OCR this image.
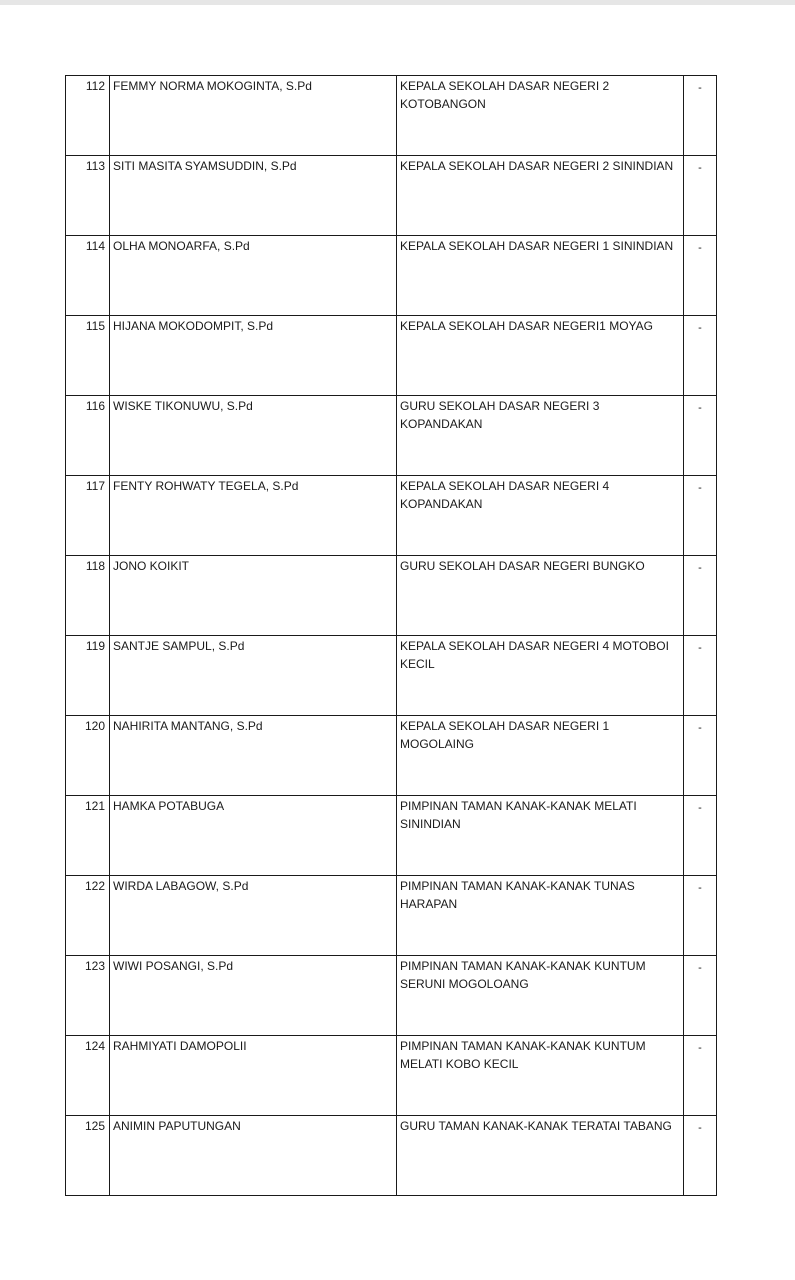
112	FEMMY NORMA MOKOGINTA, S.Pd	KEPALA SEKOLAH DASAR NEGERI 2 KOTOBANGON	-
113	SITI MASITA SYAMSUDDIN, S.Pd	KEPALA SEKOLAH DASAR NEGERI 2 SININDIAN	-
114	OLHA MONOARFA, S.Pd	KEPALA SEKOLAH DASAR NEGERI 1 SININDIAN	-
115	HIJANA MOKODOMPIT, S.Pd	KEPALA SEKOLAH DASAR NEGERI1 MOYAG	-
116	WISKE TIKONUWU, S.Pd	GURU SEKOLAH DASAR NEGERI 3 KOPANDAKAN	-
117	FENTY ROHWATY TEGELA, S.Pd	KEPALA SEKOLAH DASAR NEGERI 4 KOPANDAKAN	-
118	JONO KOIKIT	GURU SEKOLAH DASAR NEGERI BUNGKO	-
119	SANTJE SAMPUL, S.Pd	KEPALA SEKOLAH DASAR NEGERI 4 MOTOBOI KECIL	-
120	NAHIRITA MANTANG, S.Pd	KEPALA SEKOLAH DASAR NEGERI 1 MOGOLAING	-
121	HAMKA POTABUGA	PIMPINAN TAMAN KANAK-KANAK MELATI SININDIAN	-
122	WIRDA LABAGOW, S.Pd	PIMPINAN TAMAN KANAK-KANAK TUNAS HARAPAN	-
123	WIWI POSANGI, S.Pd	PIMPINAN TAMAN KANAK-KANAK KUNTUM SERUNI MOGOLOANG	-
124	RAHMIYATI DAMOPOLII	PIMPINAN TAMAN KANAK-KANAK KUNTUM MELATI KOBO KECIL	-
125	ANIMIN PAPUTUNGAN	GURU TAMAN KANAK-KANAK TERATAI TABANG	-
